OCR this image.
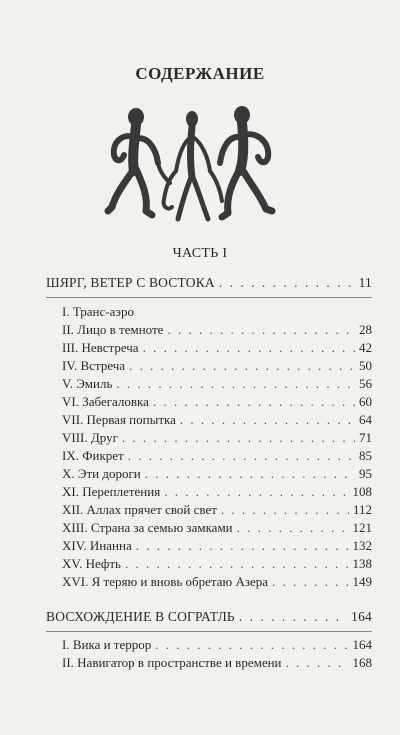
СОДЕРЖАНИЕ
ЧАСТЬ I
ШЯРГ, ВЕТЕР С ВОСТОКА . . .	11
I. Транс-аэро
II. Лицо в темноте . . .	28
III. Невстреча . . .	42
IV. Встреча . . .	50
V. Эмиль . . .	56
VI. Забегаловка . . .	60
VII. Первая попытка . . .	64
VIII. Друг . . .	71
IX. Фикрет . . .	85
X. Эти дороги . . .	95
XI. Переплетения . . .	108
XII. Аллах прячет свой свет . . .	112
XIII. Страна за семью замками . . .	121
XIV. Инанна . . .	132
XV. Нефть . . .	138
XVI. Я теряю и вновь обретаю Азера . . .	149
ВОСХОЖДЕНИЕ В СОГРАТЛЬ . . .	164
I. Вика и террор . . .	164
II. Навигатор в пространстве и времени . . .	168
